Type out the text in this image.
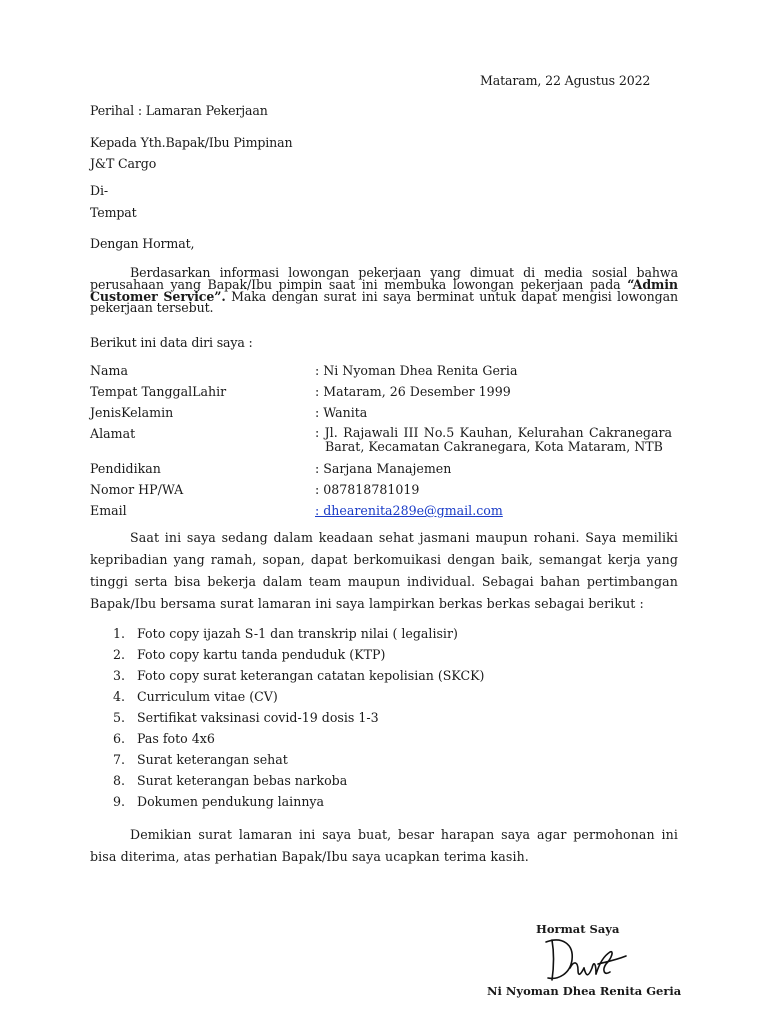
Mataram, 22 Agustus 2022
Perihal : Lamaran Pekerjaan
Kepada Yth.Bapak/Ibu Pimpinan
J&T Cargo
Di-
Tempat
Dengan Hormat,
Berdasarkan informasi lowongan pekerjaan yang dimuat di media sosial bahwa perusahaan yang Bapak/Ibu pimpin saat ini membuka lowongan pekerjaan pada “Admin Customer Service”. Maka dengan surat ini saya berminat untuk dapat mengisi lowongan pekerjaan tersebut.
Berikut ini data diri saya :
Nama	: Ni Nyoman Dhea Renita Geria
Tempat TanggalLahir	: Mataram, 26 Desember 1999
JenisKelamin	: Wanita
Alamat	: Jl. Rajawali III No.5 Kauhan, Kelurahan Cakranegara
Barat, Kecamatan Cakranegara, Kota Mataram, NTB
Pendidikan	: Sarjana Manajemen
Nomor HP/WA	: 087818781019
Email	: dhearenita289e@gmail.com
Saat ini saya sedang dalam keadaan sehat jasmani maupun rohani. Saya memiliki kepribadian yang ramah, sopan, dapat berkomuikasi dengan baik, semangat kerja yang tinggi serta bisa bekerja dalam team maupun individual. Sebagai bahan pertimbangan Bapak/Ibu bersama surat lamaran ini saya lampirkan berkas berkas sebagai berikut :
1. Foto copy ijazah S-1 dan transkrip nilai ( legalisir)
2. Foto copy kartu tanda penduduk (KTP)
3. Foto copy surat keterangan catatan kepolisian (SKCK)
4. Curriculum vitae (CV)
5. Sertifikat vaksinasi covid-19 dosis 1-3
6. Pas foto 4x6
7. Surat keterangan sehat
8. Surat keterangan bebas narkoba
9. Dokumen pendukung lainnya
Demikian surat lamaran ini saya buat, besar harapan saya agar permohonan ini bisa diterima, atas perhatian Bapak/Ibu saya ucapkan terima kasih.
Hormat Saya
Ni Nyoman Dhea Renita Geria
